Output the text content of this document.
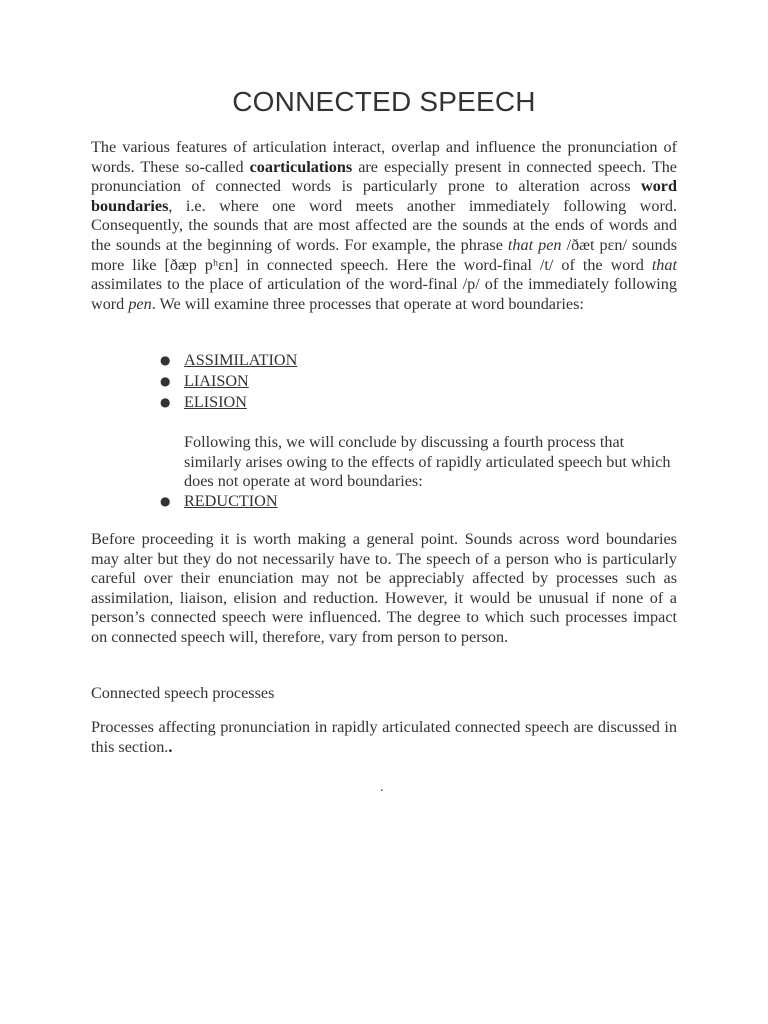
CONNECTED SPEECH

The various features of articulation interact, overlap and influence the pronunciation of words. These so-called coarticulations are especially present in connected speech. The pronunciation of connected words is particularly prone to alteration across word boundaries, i.e. where one word meets another immediately following word. Consequently, the sounds that are most affected are the sounds at the ends of words and the sounds at the beginning of words. For example, the phrase that pen /ðæt pɛn/ sounds more like [ðæp pʰɛn] in connected speech. Here the word-final /t/ of the word that assimilates to the place of articulation of the word-final /p/ of the immediately following word pen. We will examine three processes that operate at word boundaries:

● ASSIMILATION
● LIAISON
● ELISION

Following this, we will conclude by discussing a fourth process that similarly arises owing to the effects of rapidly articulated speech but which does not operate at word boundaries:

● REDUCTION

Before proceeding it is worth making a general point. Sounds across word boundaries may alter but they do not necessarily have to. The speech of a person who is particularly careful over their enunciation may not be appreciably affected by processes such as assimilation, liaison, elision and reduction. However, it would be unusual if none of a person’s connected speech were influenced. The degree to which such processes impact on connected speech will, therefore, vary from person to person.

Connected speech processes

Processes affecting pronunciation in rapidly articulated connected speech are discussed in this section..

.
